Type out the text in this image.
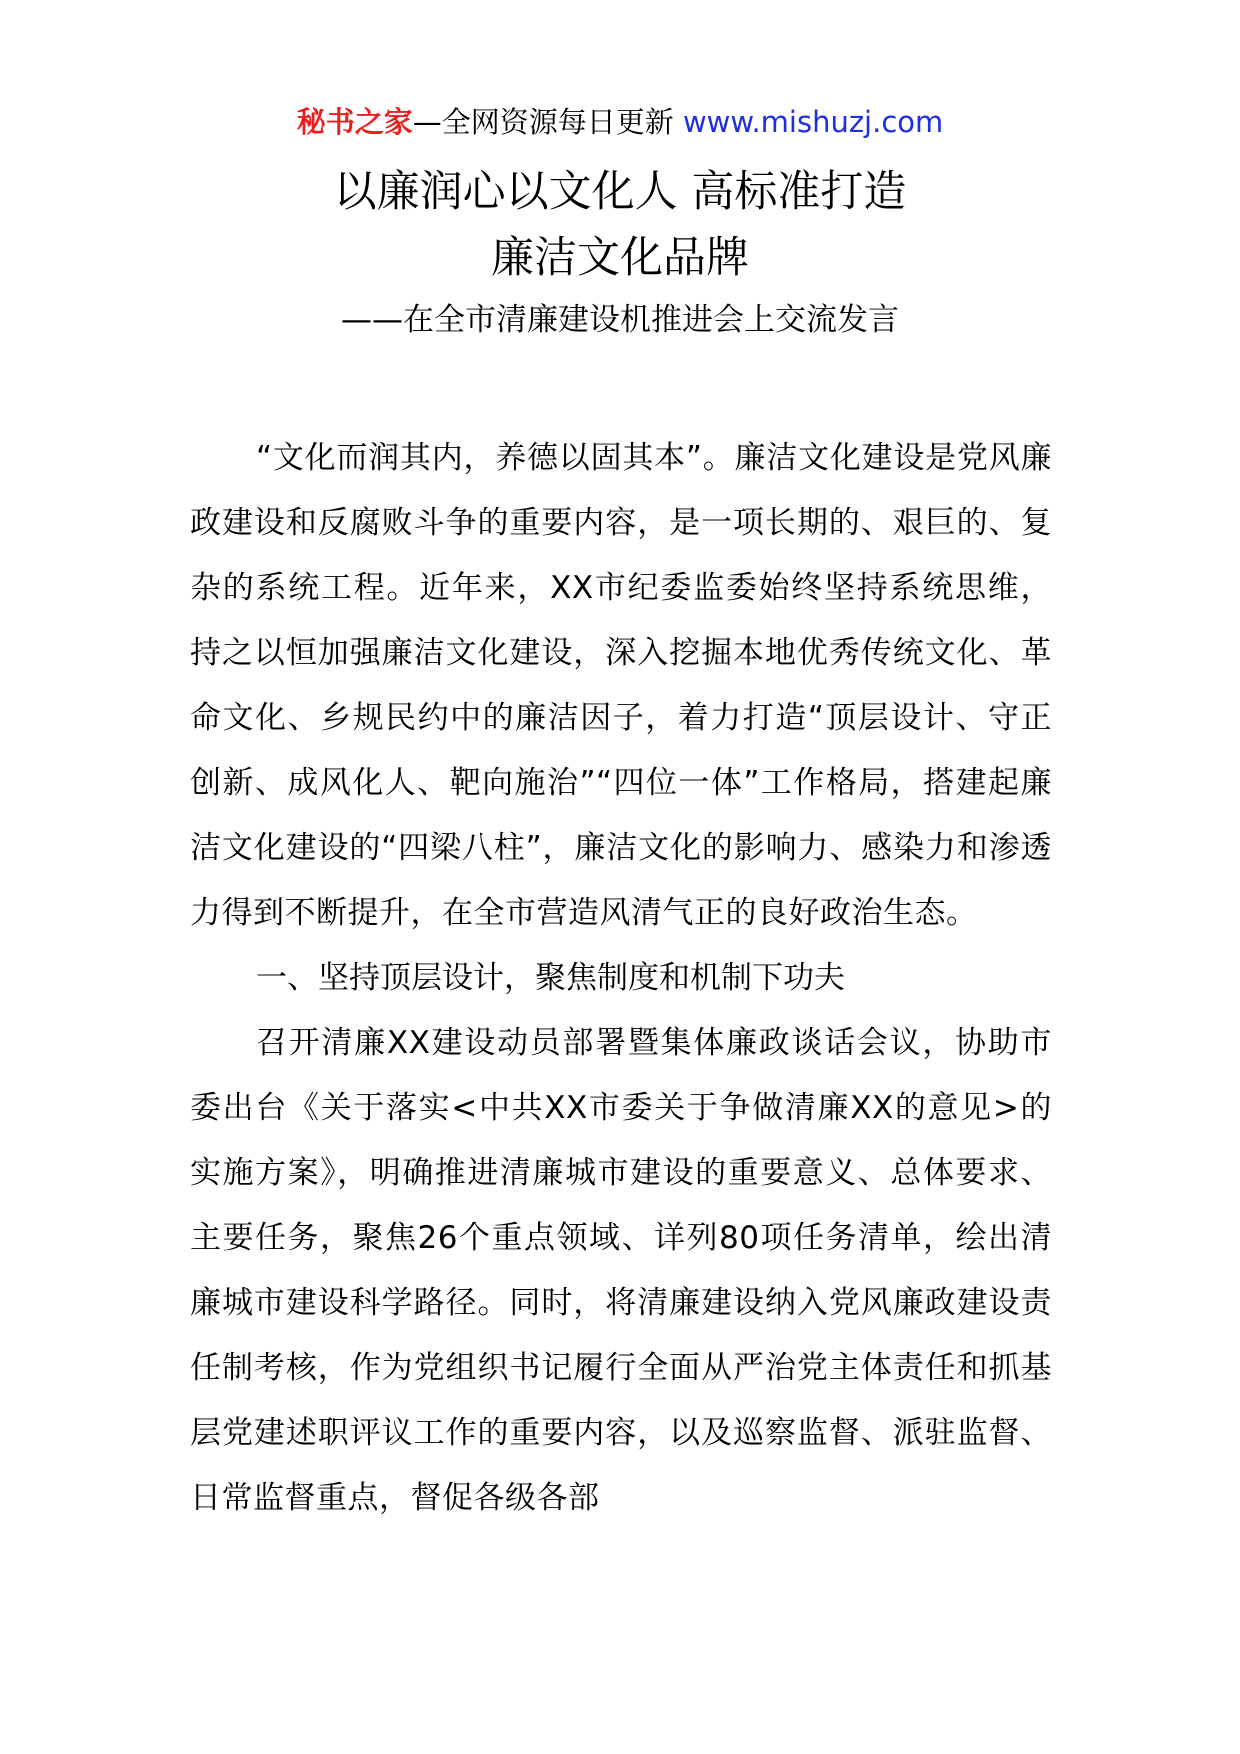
秘书之家—全网资源每日更新 www.mishuzj.com
以廉润心以文化人 高标准打造
廉洁文化品牌
——在全市清廉建设机推进会上交流发言

“文化而润其内，养德以固其本”。廉洁文化建设是党风廉政建设和反腐败斗争的重要内容，是一项长期的、艰巨的、复杂的系统工程。近年来，XX市纪委监委始终坚持系统思维，持之以恒加强廉洁文化建设，深入挖掘本地优秀传统文化、革命文化、乡规民约中的廉洁因子，着力打造“顶层设计、守正创新、成风化人、靶向施治”“四位一体”工作格局，搭建起廉洁文化建设的“四梁八柱”，廉洁文化的影响力、感染力和渗透力得到不断提升，在全市营造风清气正的良好政治生态。

一、坚持顶层设计，聚焦制度和机制下功夫

召开清廉XX建设动员部署暨集体廉政谈话会议，协助市委出台《关于落实<中共XX市委关于争做清廉XX的意见>的实施方案》，明确推进清廉城市建设的重要意义、总体要求、主要任务，聚焦26个重点领域、详列80项任务清单，绘出清廉城市建设科学路径。同时，将清廉建设纳入党风廉政建设责任制考核，作为党组织书记履行全面从严治党主体责任和抓基层党建述职评议工作的重要内容，以及巡察监督、派驻监督、日常监督重点，督促各级各部
